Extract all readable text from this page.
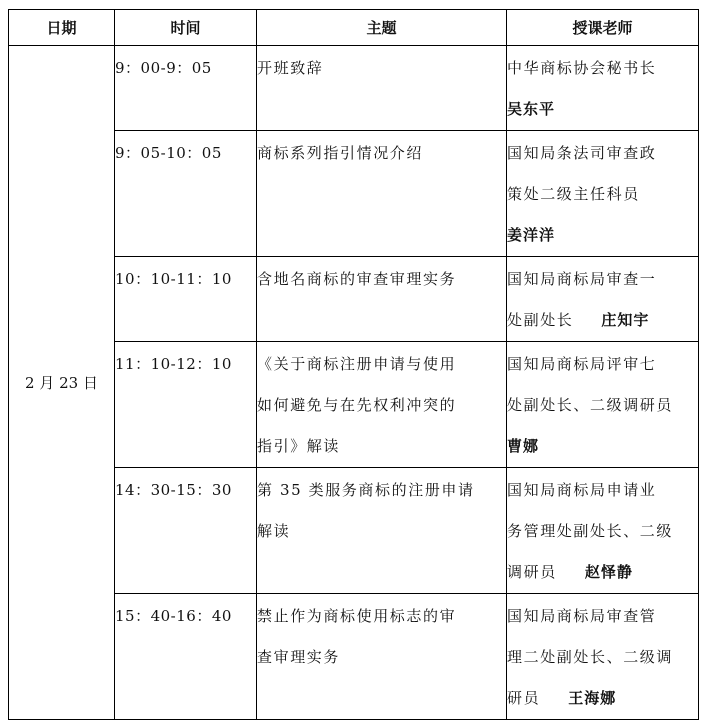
日期	时间	主题	授课老师
2 月 23 日	9：00-9：05	开班致辞	中华商标协会秘书长
吴东平

	9：05-10：05	商标系列指引情况介绍	国知局条法司审查政
策处二级主任科员
姜洋洋

	10：10-11：10	含地名商标的审查审理实务	国知局商标局审查一
处副处长 庄知宇

	11：10-12：10	《关于商标注册申请与使用
如何避免与在先权利冲突的
指引》解读	国知局商标局评审七
处副处长、二级调研员
曹娜

	14：30-15：30	第 35 类服务商标的注册申请
解读	国知局商标局申请业
务管理处副处长、二级
调研员 赵怿静

	15：40-16：40	禁止作为商标使用标志的审
查审理实务	国知局商标局审查管
理二处副处长、二级调
研员 王海娜
